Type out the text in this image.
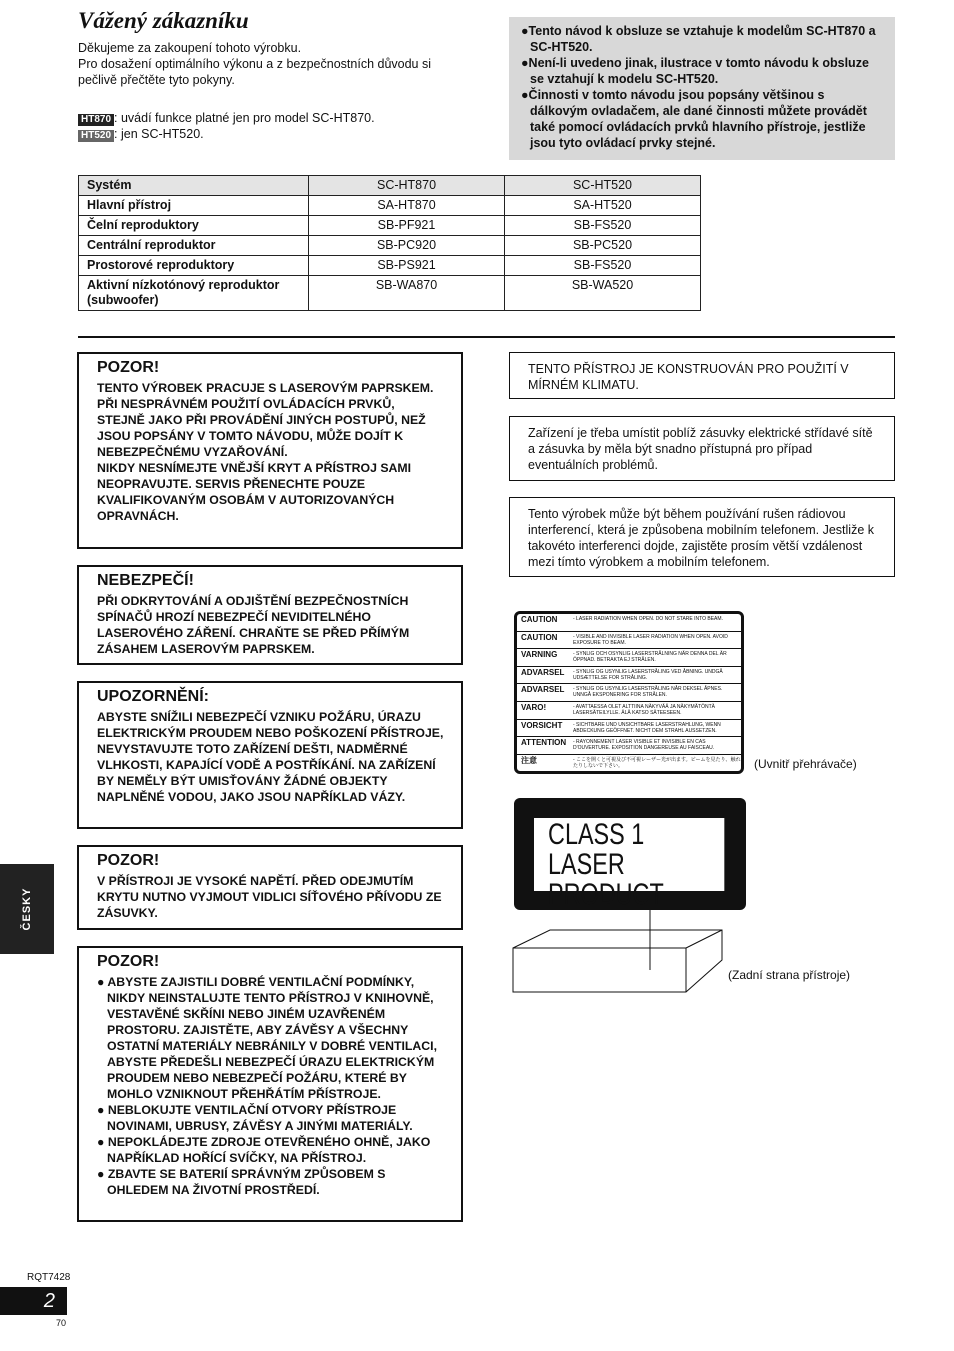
Vážený zákazníku
Děkujeme za zakoupení tohoto výrobku.
Pro dosažení optimálního výkonu a z bezpečnostních důvodu si pečlivě přečtěte tyto pokyny.
HT870 : uvádí funkce platné jen pro model SC-HT870.
HT520 : jen SC-HT520.
●Tento návod k obsluze se vztahuje k modelům SC-HT870 a SC-HT520.
●Není-li uvedeno jinak, ilustrace v tomto návodu k obsluze se vztahují k modelu SC-HT520.
●Činnosti v tomto návodu jsou popsány většinou s dálkovým ovladačem, ale dané činnosti můžete provádět také pomocí ovládacích prvků hlavního přístroje, jestliže jsou tyto ovládací prvky stejné.
Systém	SC-HT870	SC-HT520
Hlavní přístroj	SA-HT870	SA-HT520
Čelní reproduktory	SB-PF921	SB-FS520
Centrální reproduktor	SB-PC920	SB-PC520
Prostorové reproduktory	SB-PS921	SB-FS520
Aktivní nízkotónový reproduktor (subwoofer)	SB-WA870	SB-WA520
POZOR!
TENTO VÝROBEK PRACUJE S LASEROVÝM PAPRSKEM.
PŘI NESPRÁVNÉM POUŽITÍ OVLÁDACÍCH PRVKŮ, STEJNĚ JAKO PŘI PROVÁDĚNÍ JINÝCH POSTUPŮ, NEŽ JSOU POPSÁNY V TOMTO NÁVODU, MŮŽE DOJÍT K NEBEZPEČNÉMU VYZAŘOVÁNÍ.
NIKDY NESNÍMEJTE VNĚJŠÍ KRYT A PŘÍSTROJ SAMI NEOPRAVUJTE. SERVIS PŘENECHTE POUZE KVALIFIKOVANÝM OSOBÁM V AUTORIZOVANÝCH OPRAVNÁCH.
NEBEZPEČÍ!
PŘI ODKRYTOVÁNÍ A ODJIŠTĚNÍ BEZPEČNOSTNÍCH SPÍNAČŮ HROZÍ NEBEZPEČÍ NEVIDITELNÉHO LASEROVÉHO ZÁŘENÍ. CHRAŇTE SE PŘED PŘÍMÝM ZÁSAHEM LASEROVÝM PAPRSKEM.
UPOZORNĚNÍ:
ABYSTE SNÍŽILI NEBEZPEČÍ VZNIKU POŽÁRU, ÚRAZU ELEKTRICKÝM PROUDEM NEBO POŠKOZENÍ PŘÍSTROJE, NEVYSTAVUJTE TOTO ZAŘÍZENÍ DEŠTI, NADMĚRNÉ VLHKOSTI, KAPAJÍCÍ VODĚ A POSTŘÍKÁNÍ. NA ZAŘÍZENÍ BY NEMĚLY BÝT UMISŤOVÁNY ŽÁDNÉ OBJEKTY NAPLNĚNÉ VODOU, JAKO JSOU NAPŘÍKLAD VÁZY.
POZOR!
V PŘÍSTROJI JE VYSOKÉ NAPĚTÍ. PŘED ODEJMUTÍM KRYTU NUTNO VYJMOUT VIDLICI SÍŤOVÉHO PŘÍVODU ZE ZÁSUVKY.
POZOR!
● ABYSTE ZAJISTILI DOBRÉ VENTILAČNÍ PODMÍNKY, NIKDY NEINSTALUJTE TENTO PŘÍSTROJ V KNIHOVNĚ, VESTAVĚNÉ SKŘÍNI NEBO JINÉM UZAVŘENÉM PROSTORU. ZAJISTĚTE, ABY ZÁVĚSY A VŠECHNY OSTATNÍ MATERIÁLY NEBRÁNILY V DOBRÉ VENTILACI, ABYSTE PŘEDEŠLI NEBEZPEČÍ ÚRAZU ELEKTRICKÝM PROUDEM NEBO NEBEZPEČÍ POŽÁRU, KTERÉ BY MOHLO VZNIKNOUT PŘEHŘÁTÍM PŘÍSTROJE.
● NEBLOKUJTE VENTILAČNÍ OTVORY PŘÍSTROJE NOVINAMI, UBRUSY, ZÁVĚSY A JINÝMI MATERIÁLY.
● NEPOKLÁDEJTE ZDROJE OTEVŘENÉHO OHNĚ, JAKO NAPŘÍKLAD HOŘÍCÍ SVÍČKY, NA PŘÍSTROJ.
● ZBAVTE SE BATERIÍ SPRÁVNÝM ZPŮSOBEM S OHLEDEM NA ŽIVOTNÍ PROSTŘEDÍ.
TENTO PŘÍSTROJ JE KONSTRUOVÁN PRO POUŽITÍ V MÍRNÉM KLIMATU.
Zařízení je třeba umístit poblíž zásuvky elektrické střídavé sítě a zásuvka by měla být snadno přístupná pro případ eventuálních problémů.
Tento výrobek může být během používání rušen rádiovou interferencí, která je způsobena mobilním telefonem. Jestliže k takovéto interferenci dojde, zajistěte prosím větší vzdálenost mezi tímto výrobkem a mobilním telefonem.
CAUTION	- LASER RADIATION WHEN OPEN. DO NOT STARE INTO BEAM.
CAUTION	- VISIBLE AND INVISIBLE LASER RADIATION WHEN OPEN. AVOID EXPOSURE TO BEAM.
VARNING	- SYNLIG OCH OSYNLIG LASERSTRÅLNING NÄR DENNA DEL ÄR ÖPPNAD. BETRAKTA EJ STRÅLEN.
ADVARSEL	- SYNLIG OG USYNLIG LASERSTRÅLING VED ÅBNING. UNDGÅ UDSÆTTELSE FOR STRÅLING.
ADVARSEL	- SYNLIG OG USYNLIG LASERSTRÅLING NÅR DEKSEL ÅPNES. UNNGÅ EKSPONERING FOR STRÅLEN.
VARO!	- AVATTAESSA OLET ALTTIINA NÄKYVÄÄ JA NÄKYMÄTÖNTÄ LASERSÄTEILYLLE. ÄLÄ KATSO SÄTEESEEN.
VORSICHT	- SICHTBARE UND UNSICHTBARE LASERSTRAHLUNG, WENN ABDECKUNG GEÖFFNET. NICHT DEM STRAHL AUSSETZEN.
ATTENTION	- RAYONNEMENT LASER VISIBLE ET INVISIBLE EN CAS D'OUVERTURE. EXPOSITION DANGEREUSE AU FAISCEAU.
注意	- ここを開くと可視及び不可視レーザー光が出ます。ビームを見たり、触れたりしないで下さい。	(Uvnitř přehrávače)
CLASS 1
LASER PRODUCT
(Zadní strana přístroje)
ČESKY
RQT7428
2
70
